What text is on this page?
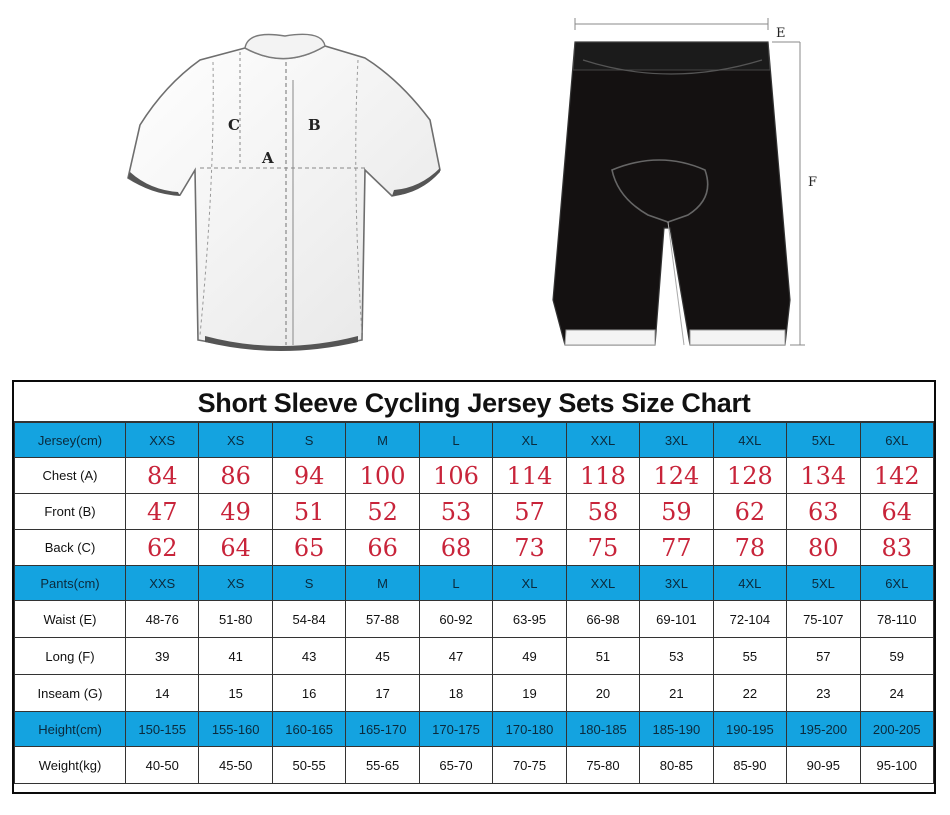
C	B
A
E
F
G
Short Sleeve Cycling Jersey Sets Size Chart
Jersey(cm)	XXS	XS	S	M	L	XL	XXL	3XL	4XL	5XL	6XL
Chest (A)	84	86	94	100	106	114	118	124	128	134	142
Front (B)	47	49	51	52	53	57	58	59	62	63	64
Back (C)	62	64	65	66	68	73	75	77	78	80	83
Pants(cm)	XXS	XS	S	M	L	XL	XXL	3XL	4XL	5XL	6XL
Waist (E)	48-76	51-80	54-84	57-88	60-92	63-95	66-98	69-101	72-104	75-107	78-110
Long (F)	39	41	43	45	47	49	51	53	55	57	59
Inseam (G)	14	15	16	17	18	19	20	21	22	23	24
Height(cm)	150-155	155-160	160-165	165-170	170-175	170-180	180-185	185-190	190-195	195-200	200-205
Weight(kg)	40-50	45-50	50-55	55-65	65-70	70-75	75-80	80-85	85-90	90-95	95-100
